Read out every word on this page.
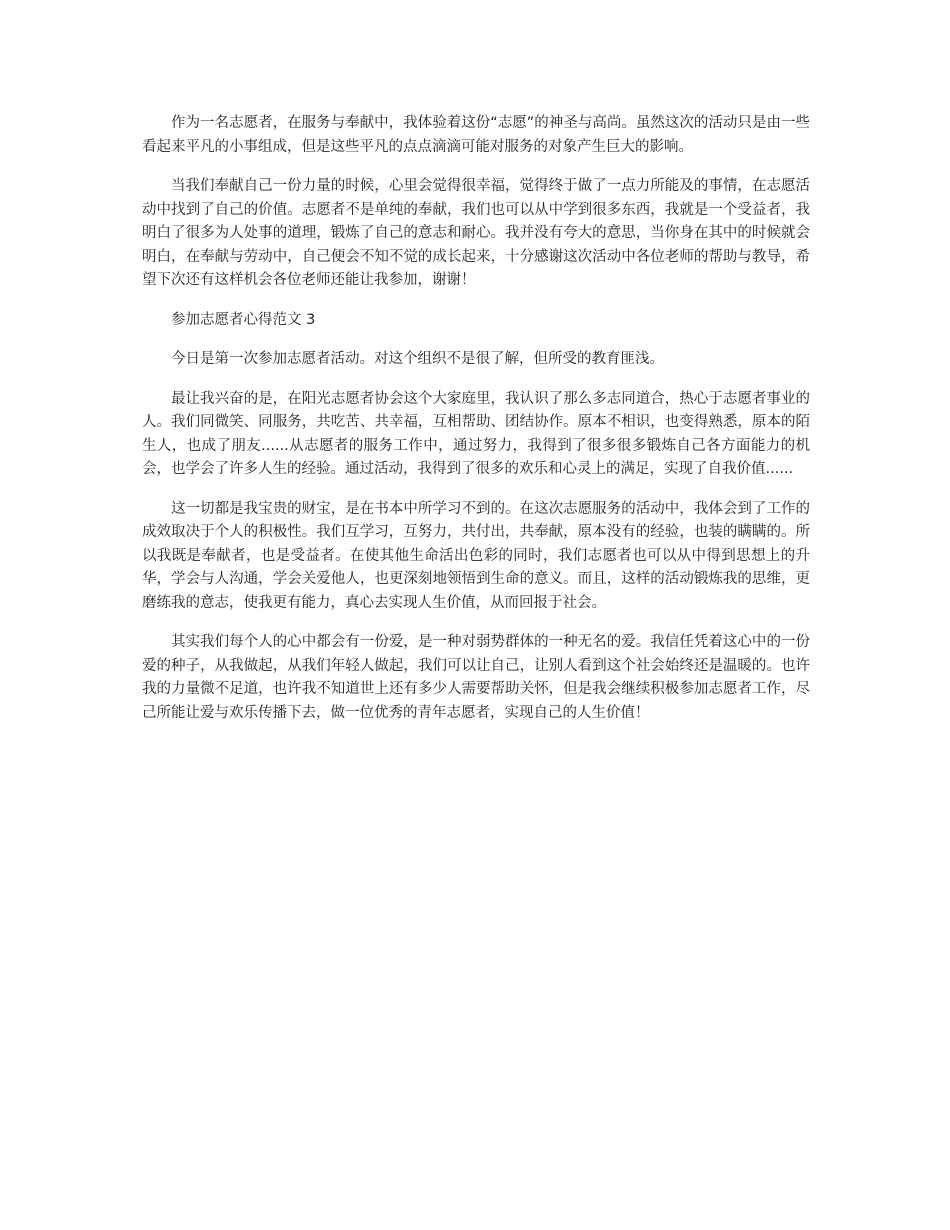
作为一名志愿者，在服务与奉献中，我体验着这份“志愿”的神圣与高尚。虽然这次的活动只是由一些看起来平凡的小事组成，但是这些平凡的点点滴滴可能对服务的对象产生巨大的影响。

当我们奉献自己一份力量的时候，心里会觉得很幸福，觉得终于做了一点力所能及的事情，在志愿活动中找到了自己的价值。志愿者不是单纯的奉献，我们也可以从中学到很多东西，我就是一个受益者，我明白了很多为人处事的道理，锻炼了自己的意志和耐心。我并没有夸大的意思，当你身在其中的时候就会明白，在奉献与劳动中，自己便会不知不觉的成长起来，十分感谢这次活动中各位老师的帮助与教导，希望下次还有这样机会各位老师还能让我参加，谢谢！

参加志愿者心得范文 3

今日是第一次参加志愿者活动。对这个组织不是很了解，但所受的教育匪浅。

最让我兴奋的是，在阳光志愿者协会这个大家庭里，我认识了那么多志同道合，热心于志愿者事业的人。我们同微笑、同服务，共吃苦、共幸福，互相帮助、团结协作。原本不相识，也变得熟悉，原本的陌生人，也成了朋友......从志愿者的服务工作中，通过努力，我得到了很多很多锻炼自己各方面能力的机会，也学会了许多人生的经验。通过活动，我得到了很多的欢乐和心灵上的满足，实现了自我价值......

这一切都是我宝贵的财宝，是在书本中所学习不到的。在这次志愿服务的活动中，我体会到了工作的成效取决于个人的积极性。我们互学习，互努力，共付出，共奉献，原本没有的经验，也装的瞒瞒的。所以我既是奉献者，也是受益者。在使其他生命活出色彩的同时，我们志愿者也可以从中得到思想上的升华，学会与人沟通，学会关爱他人，也更深刻地领悟到生命的意义。而且，这样的活动锻炼我的思维，更磨练我的意志，使我更有能力，真心去实现人生价值，从而回报于社会。

其实我们每个人的心中都会有一份爱，是一种对弱势群体的一种无名的爱。我信任凭着这心中的一份爱的种子，从我做起，从我们年轻人做起，我们可以让自己，让别人看到这个社会始终还是温暖的。也许我的力量微不足道，也许我不知道世上还有多少人需要帮助关怀，但是我会继续积极参加志愿者工作，尽己所能让爱与欢乐传播下去，做一位优秀的青年志愿者，实现自己的人生价值！
